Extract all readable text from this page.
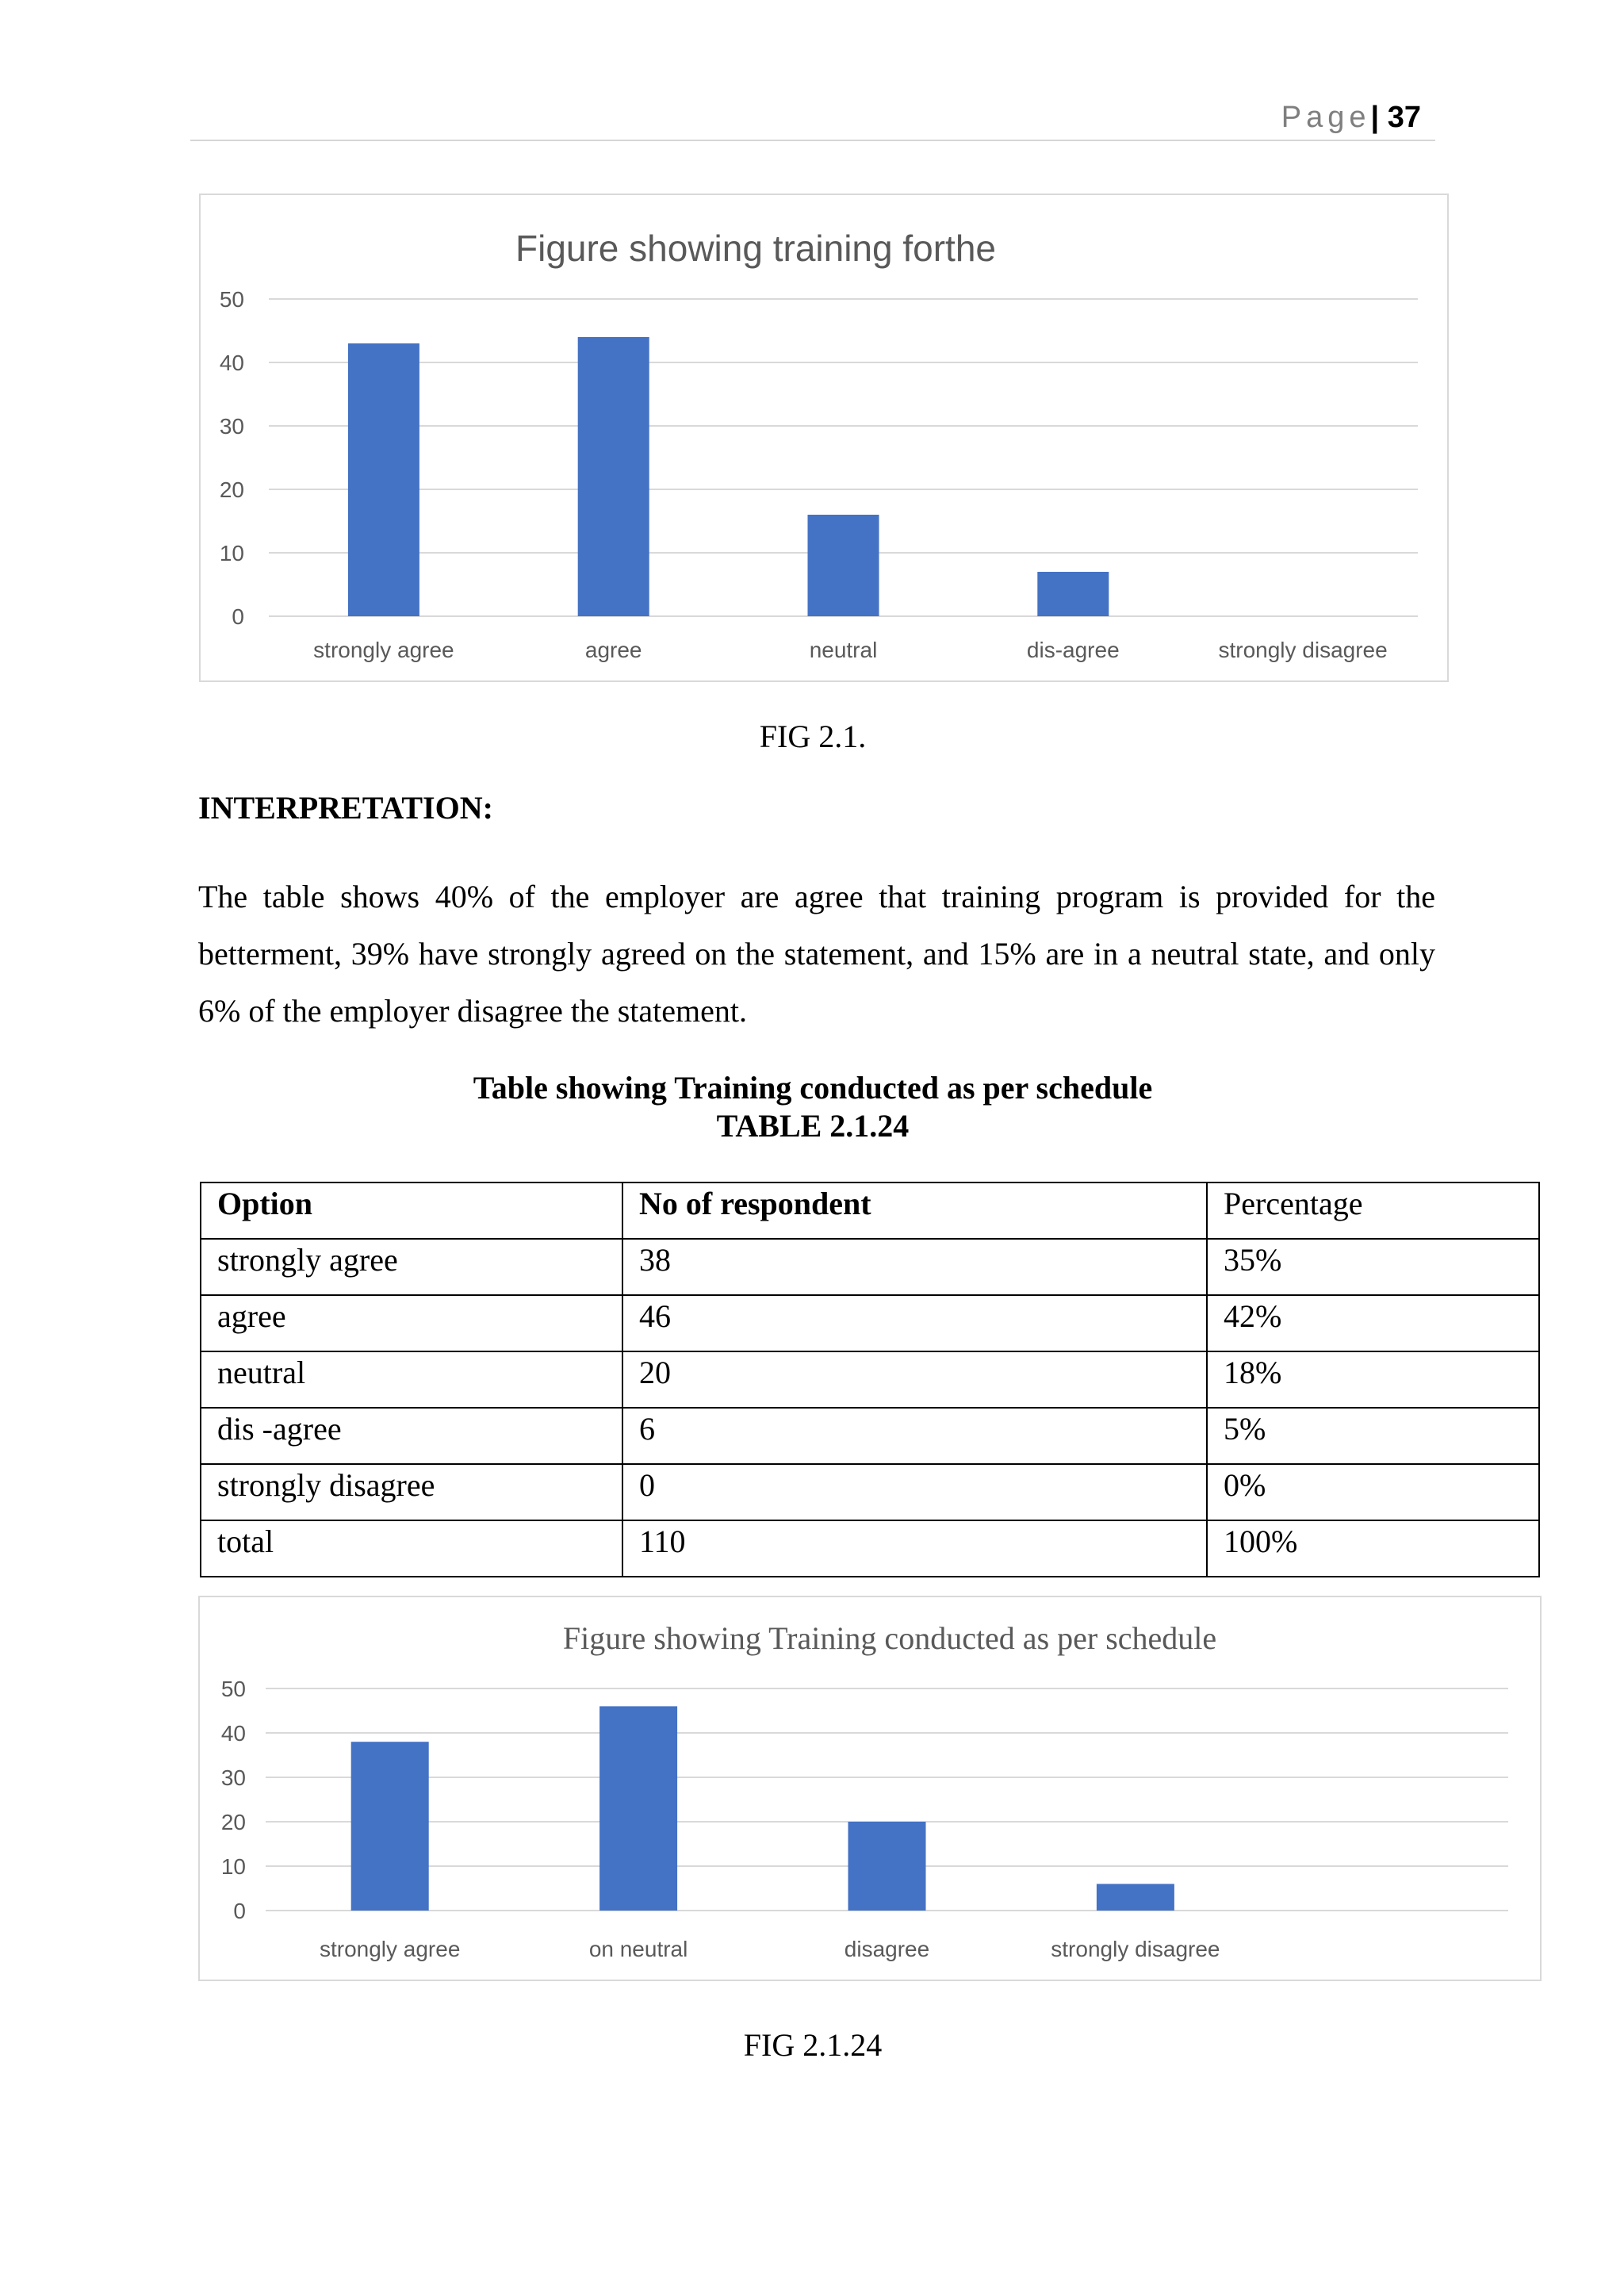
Page| 37
Figure showing training forthe
0
10
20
30
40
50
strongly agree	agree	neutral	dis-agree	strongly disagree
FIG 2.1.
INTERPRETATION:
The table shows 40% of the employer are agree that training program is provided for the betterment, 39% have strongly agreed on the statement, and 15% are in a neutral state, and only 6% of the employer disagree the statement.
Table showing Training conducted as per schedule
TABLE 2.1.24
Option	No of respondent	Percentage
strongly agree	38	35%
agree	46	42%
neutral	20	18%
dis -agree	6	5%
strongly disagree	0	0%
total	110	100%
Figure showing Training conducted as per schedule
0
10
20
30
40
50
strongly agree	on neutral	disagree	strongly disagree
FIG 2.1.24
